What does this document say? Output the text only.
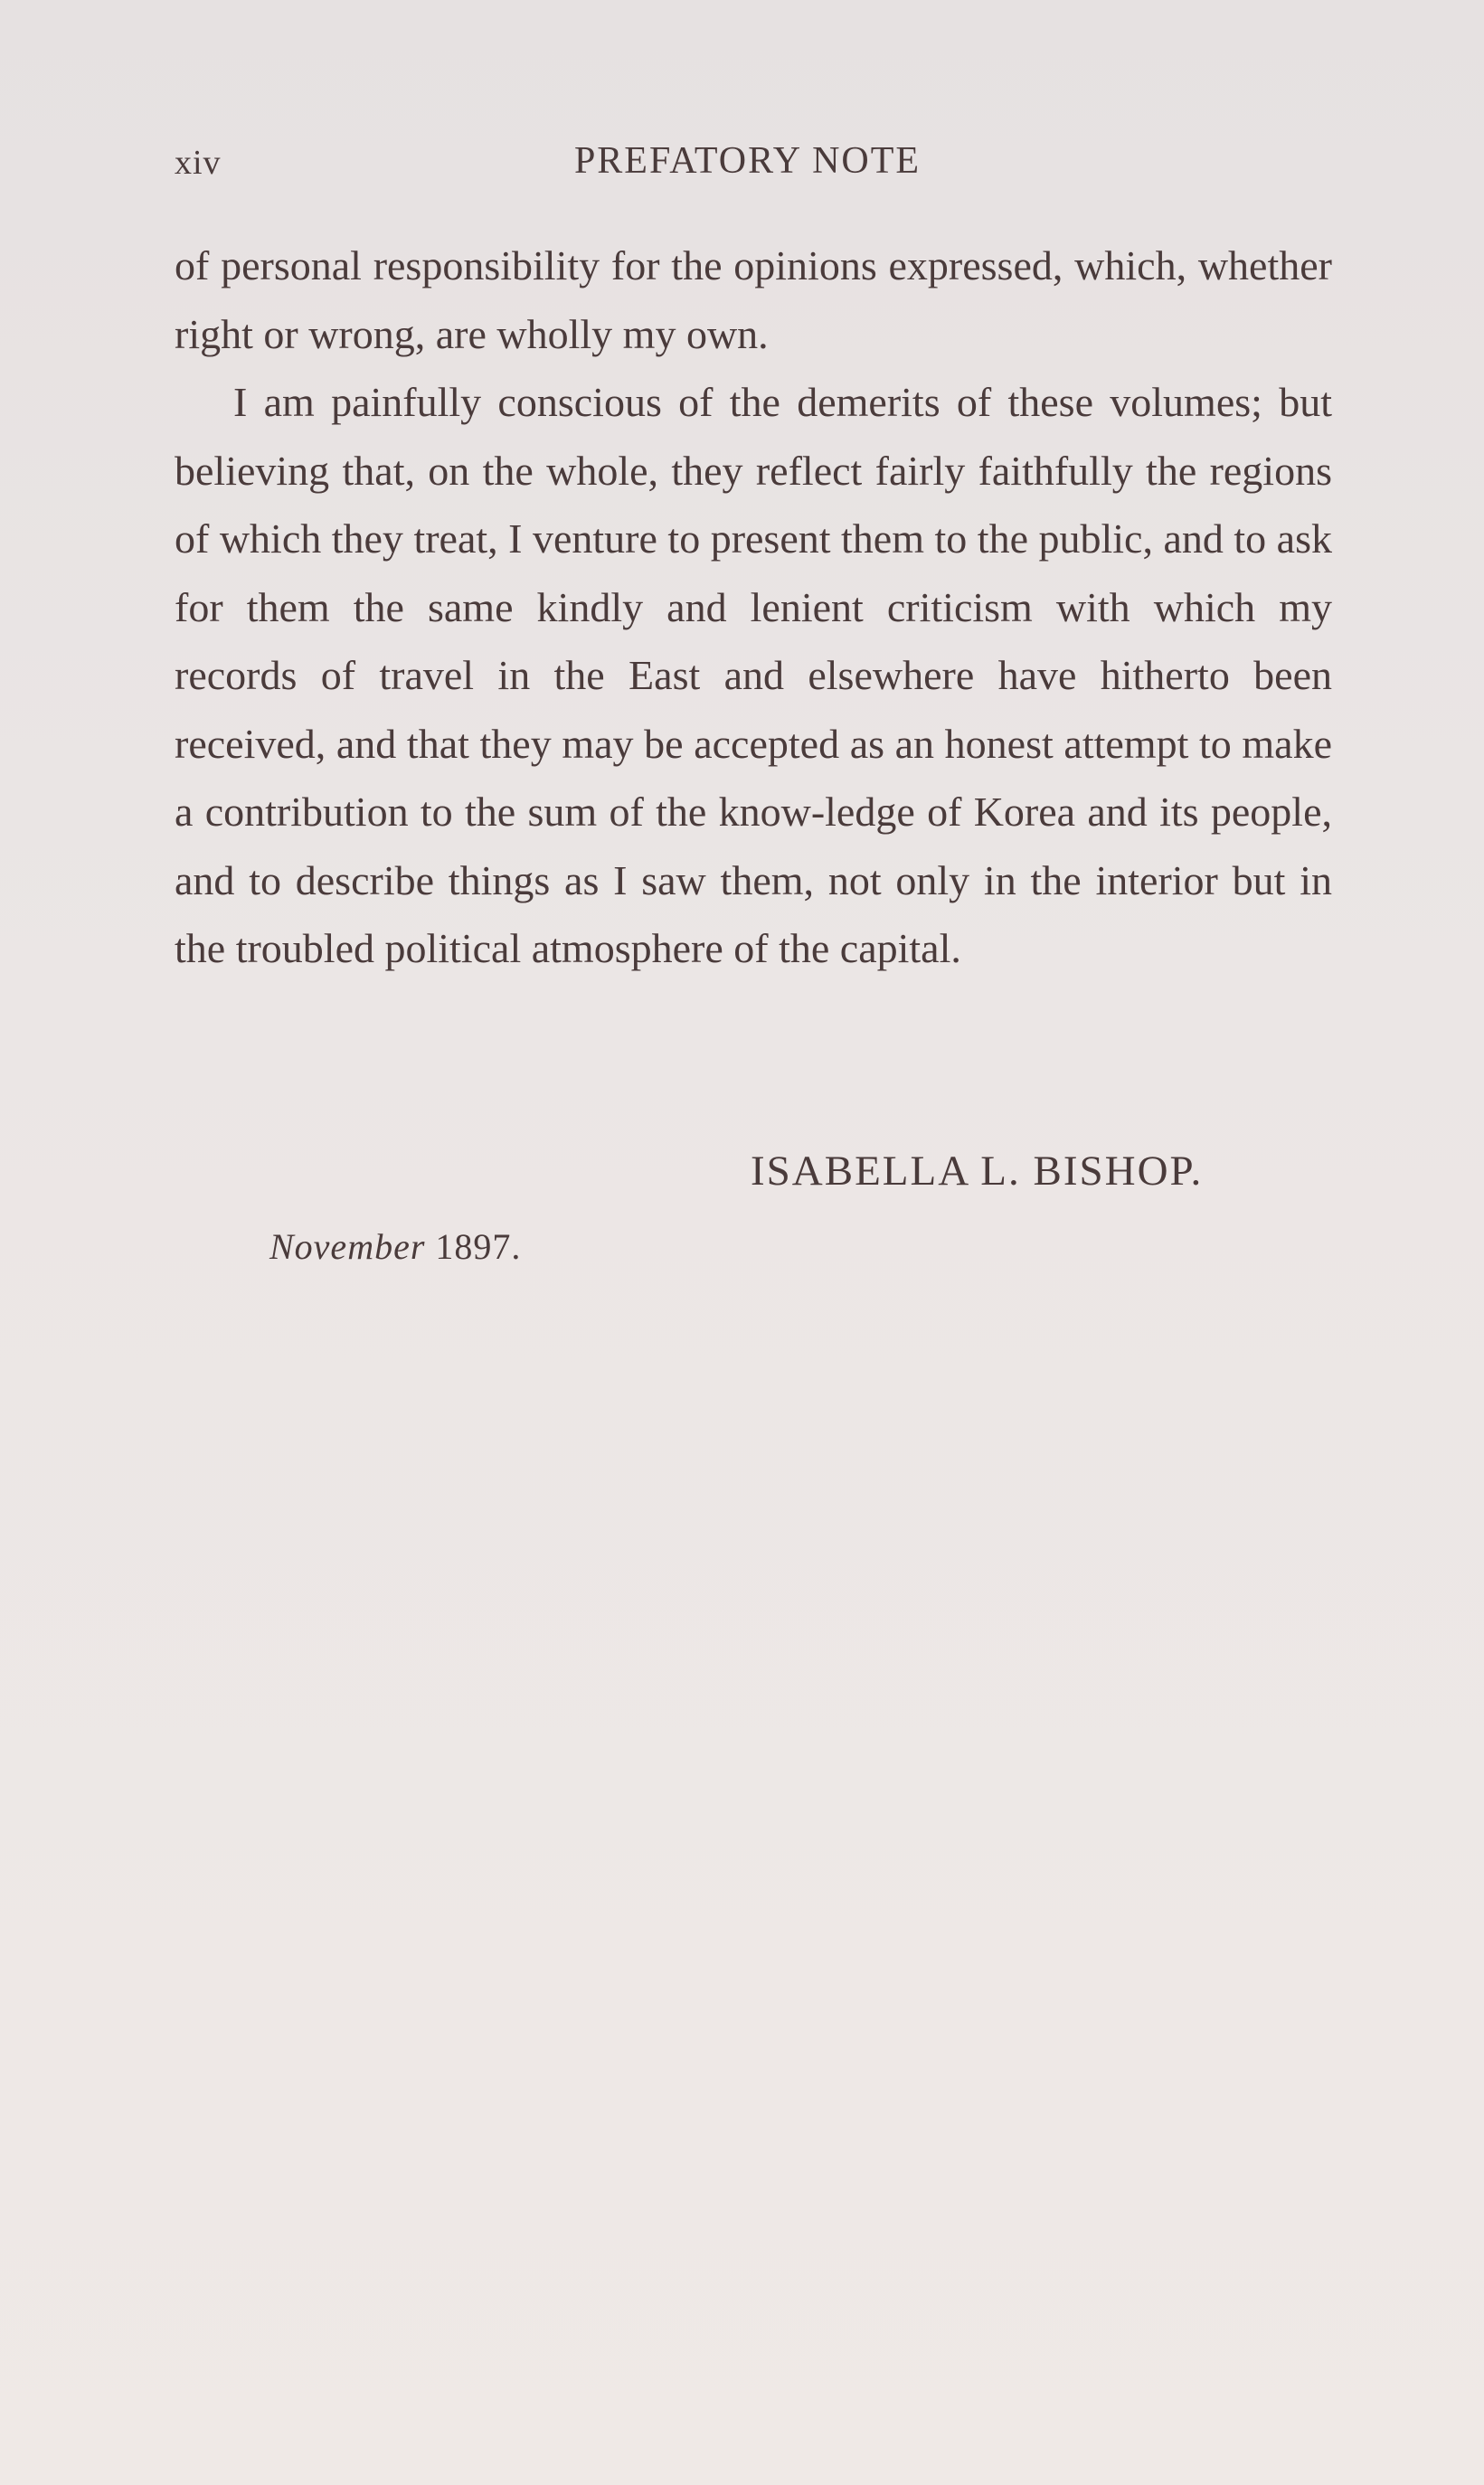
xiv	PREFATORY NOTE

of personal responsibility for the opinions expressed, which, whether right or wrong, are wholly my own.

I am painfully conscious of the demerits of these volumes; but believing that, on the whole, they reflect fairly faithfully the regions of which they treat, I venture to present them to the public, and to ask for them the same kindly and lenient criticism with which my records of travel in the East and elsewhere have hitherto been received, and that they may be accepted as an honest attempt to make a contribution to the sum of the know-ledge of Korea and its people, and to describe things as I saw them, not only in the interior but in the troubled political atmosphere of the capital.

ISABELLA L. BISHOP.
November 1897.
